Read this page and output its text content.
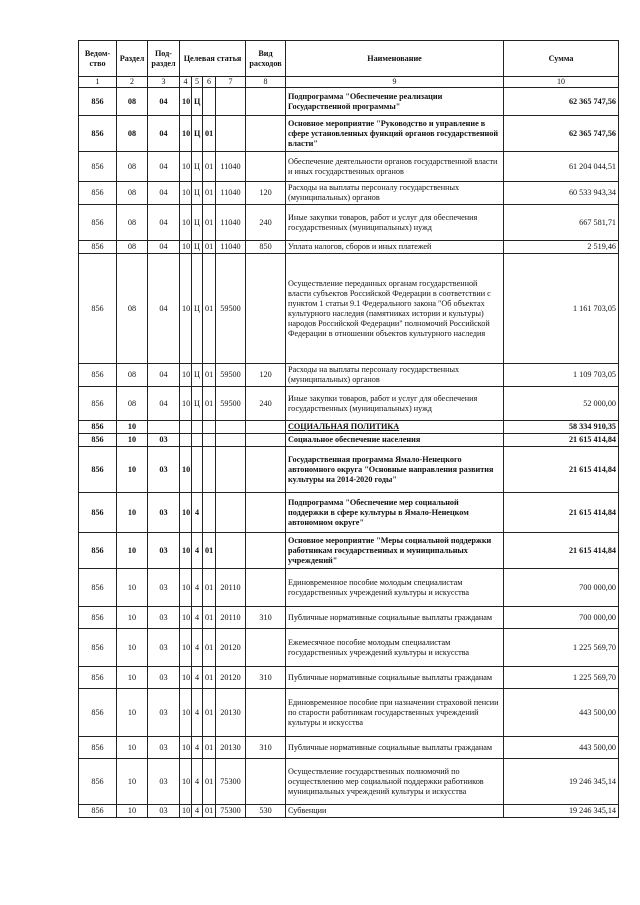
Ведом-ство	Раздел	Под-раздел	Целевая статья				Вид расходов	Наименование	Сумма
1	2	3	4	5	6	7	8	9	10
856	08	04	10	Ц				Подпрограмма "Обеспечение реализации Государственной программы"	62 365 747,56
856	08	04	10	Ц	01			Основное мероприятие "Руководство и управление в сфере установленных функций органов государственной власти"	62 365 747,56
856	08	04	10	Ц	01	11040		Обеспечение деятельности органов государственной власти и иных государственных органов	61 204 044,51
856	08	04	10	Ц	01	11040	120	Расходы на выплаты персоналу государственных (муниципальных) органов	60 533 943,34
856	08	04	10	Ц	01	11040	240	Иные закупки товаров, работ и услуг для обеспечения государственных (муниципальных) нужд	667 581,71
856	08	04	10	Ц	01	11040	850	Уплата налогов, сборов и иных платежей	2 519,46
856	08	04	10	Ц	01	59500		Осуществление переданных органам государственной власти субъектов Российской Федерации в соответствии с пунктом 1 статьи 9.1 Федерального закона "Об объектах культурного наследия (памятниках истории и культуры) народов Российской Федерации" полномочий Российской Федерации в отношении объектов культурного наследия	1 161 703,05
856	08	04	10	Ц	01	59500	120	Расходы на выплаты персоналу государственных (муниципальных) органов	1 109 703,05
856	08	04	10	Ц	01	59500	240	Иные закупки товаров, работ и услуг для обеспечения государственных (муниципальных) нужд	52 000,00
856	10							СОЦИАЛЬНАЯ ПОЛИТИКА	58 334 910,35
856	10	03						Социальное обеспечение населения	21 615 414,84
856	10	03	10					Государственная программа Ямало-Ненецкого автономного округа "Основные направления развития культуры на 2014-2020 годы"	21 615 414,84
856	10	03	10	4				Подпрограмма "Обеспечение мер социальной поддержки в сфере культуры в Ямало-Ненецком автономном округе"	21 615 414,84
856	10	03	10	4	01			Основное мероприятие "Меры социальной поддержки работникам государственных и муниципальных учреждений"	21 615 414,84
856	10	03	10	4	01	20110		Единовременное пособие молодым специалистам государственных учреждений культуры и искусства	700 000,00
856	10	03	10	4	01	20110	310	Публичные нормативные социальные выплаты гражданам	700 000,00
856	10	03	10	4	01	20120		Ежемесячное пособие молодым специалистам государственных учреждений культуры и искусства	1 225 569,70
856	10	03	10	4	01	20120	310	Публичные нормативные социальные выплаты гражданам	1 225 569,70
856	10	03	10	4	01	20130		Единовременное пособие при назначении страховой пенсии по старости работникам государственных учреждений культуры и искусства	443 500,00
856	10	03	10	4	01	20130	310	Публичные нормативные социальные выплаты гражданам	443 500,00
856	10	03	10	4	01	75300		Осуществление государственных полномочий по осуществлению мер социальной поддержки работников муниципальных учреждений культуры и искусства	19 246 345,14
856	10	03	10	4	01	75300	530	Субвенции	19 246 345,14
